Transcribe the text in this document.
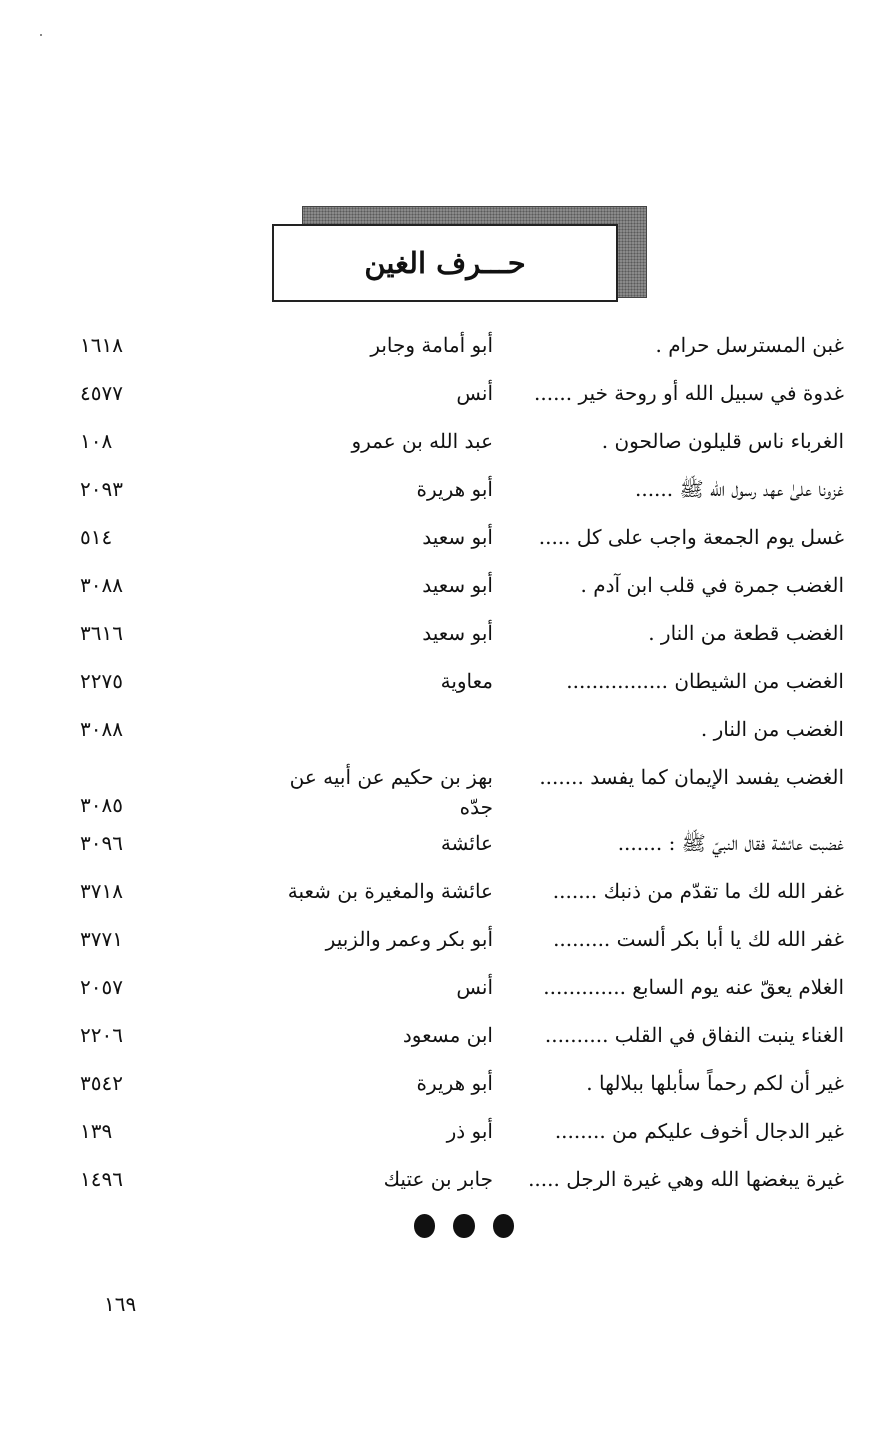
حـــرف الغين
غبن المسترسل حرام .
أبو أمامة وجابر
١٦١٨
غدوة في سبيل الله أو روحة خير ......
أنس
٤٥٧٧
الغرباء ناس قليلون صالحون .
عبد الله بن عمرو
١٠٨
غزونا علىٰ عهد رسول الله ﷺ ......
أبو هريرة
٢٠٩٣
غسل يوم الجمعة واجب على كل .....
أبو سعيد
٥١٤
الغضب جمرة في قلب ابن آدم .
أبو سعيد
٣٠٨٨
الغضب قطعة من النار .
أبو سعيد
٣٦١٦
الغضب من الشيطان ................
معاوية
٢٢٧٥
الغضب من النار .
٣٠٨٨
الغضب يفسد الإيمان كما يفسد .......
بهز بن حكيم عن أبيه عن جدّه
٣٠٨٥
غضبت عائشة فقال النبيّ ﷺ : .......
عائشة
٣٠٩٦
غفر الله لك ما تقدّم من ذنبك .......
عائشة والمغيرة بن شعبة
٣٧١٨
غفر الله لك يا أبا بكر ألست .........
أبو بكر وعمر والزبير
٣٧٧١
الغلام يعقّ عنه يوم السابع .............
أنس
٢٠٥٧
الغناء ينبت النفاق في القلب ..........
ابن مسعود
٢٢٠٦
غير أن لكم رحماً سأبلها ببلالها .
أبو هريرة
٣٥٤٢
غير الدجال أخوف عليكم من ........
أبو ذر
١٣٩
غيرة يبغضها الله وهي غيرة الرجل .....
جابر بن عتيك
١٤٩٦
١٦٩
